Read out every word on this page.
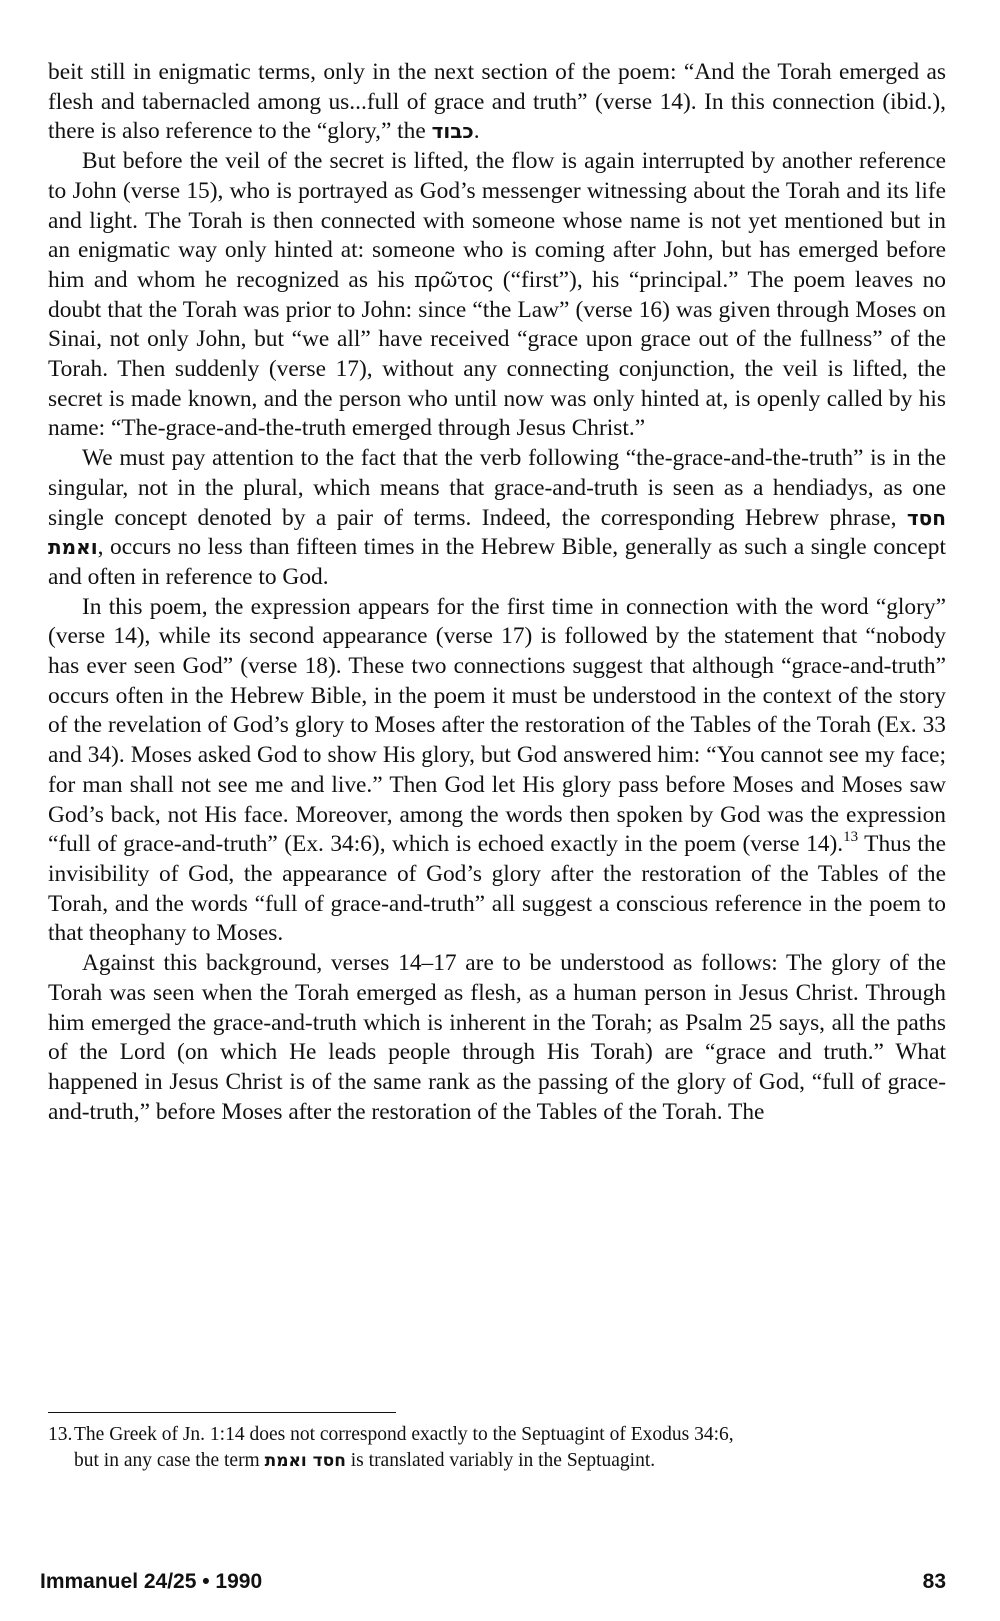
beit still in enigmatic terms, only in the next section of the poem: “And the Torah emerged as flesh and tabernacled among us...full of grace and truth” (verse 14). In this connection (ibid.), there is also reference to the “glory,” the כבוד.

But before the veil of the secret is lifted, the flow is again interrupted by another reference to John (verse 15), who is portrayed as God’s messenger witnessing about the Torah and its life and light. The Torah is then connected with someone whose name is not yet mentioned but in an enigmatic way only hinted at: someone who is coming after John, but has emerged before him and whom he recognized as his πρῶτος (“first”), his “principal.” The poem leaves no doubt that the Torah was prior to John: since “the Law” (verse 16) was given through Moses on Sinai, not only John, but “we all” have received “grace upon grace out of the fullness” of the Torah. Then suddenly (verse 17), without any connecting conjunction, the veil is lifted, the secret is made known, and the person who until now was only hinted at, is openly called by his name: “The-grace-and-the-truth emerged through Jesus Christ.”

We must pay attention to the fact that the verb following “the-grace-and-the-truth” is in the singular, not in the plural, which means that grace-and-truth is seen as a hendiadys, as one single concept denoted by a pair of terms. Indeed, the corresponding Hebrew phrase, חסד ואמת, occurs no less than fifteen times in the Hebrew Bible, generally as such a single concept and often in reference to God.

In this poem, the expression appears for the first time in connection with the word “glory” (verse 14), while its second appearance (verse 17) is followed by the statement that “nobody has ever seen God” (verse 18). These two connections suggest that although “grace-and-truth” occurs often in the Hebrew Bible, in the poem it must be understood in the context of the story of the revelation of God’s glory to Moses after the restoration of the Tables of the Torah (Ex. 33 and 34). Moses asked God to show His glory, but God answered him: “You cannot see my face; for man shall not see me and live.” Then God let His glory pass before Moses and Moses saw God’s back, not His face. Moreover, among the words then spoken by God was the expression “full of grace-and-truth” (Ex. 34:6), which is echoed exactly in the poem (verse 14).$^{13}$ Thus the invisibility of God, the appearance of God’s glory after the restoration of the Tables of the Torah, and the words “full of grace-and-truth” all suggest a conscious reference in the poem to that theophany to Moses.

Against this background, verses 14–17 are to be understood as follows: The glory of the Torah was seen when the Torah emerged as flesh, as a human person in Jesus Christ. Through him emerged the grace-and-truth which is inherent in the Torah; as Psalm 25 says, all the paths of the Lord (on which He leads people through His Torah) are “grace and truth.” What happened in Jesus Christ is of the same rank as the passing of the glory of God, “full of grace-and-truth,” before Moses after the restoration of the Tables of the Torah. The

13.The Greek of Jn. 1:14 does not correspond exactly to the Septuagint of Exodus 34:6,
but in any case the term חסד ואמת is translated variably in the Septuagint.
Immanuel 24/25 • 1990	83
